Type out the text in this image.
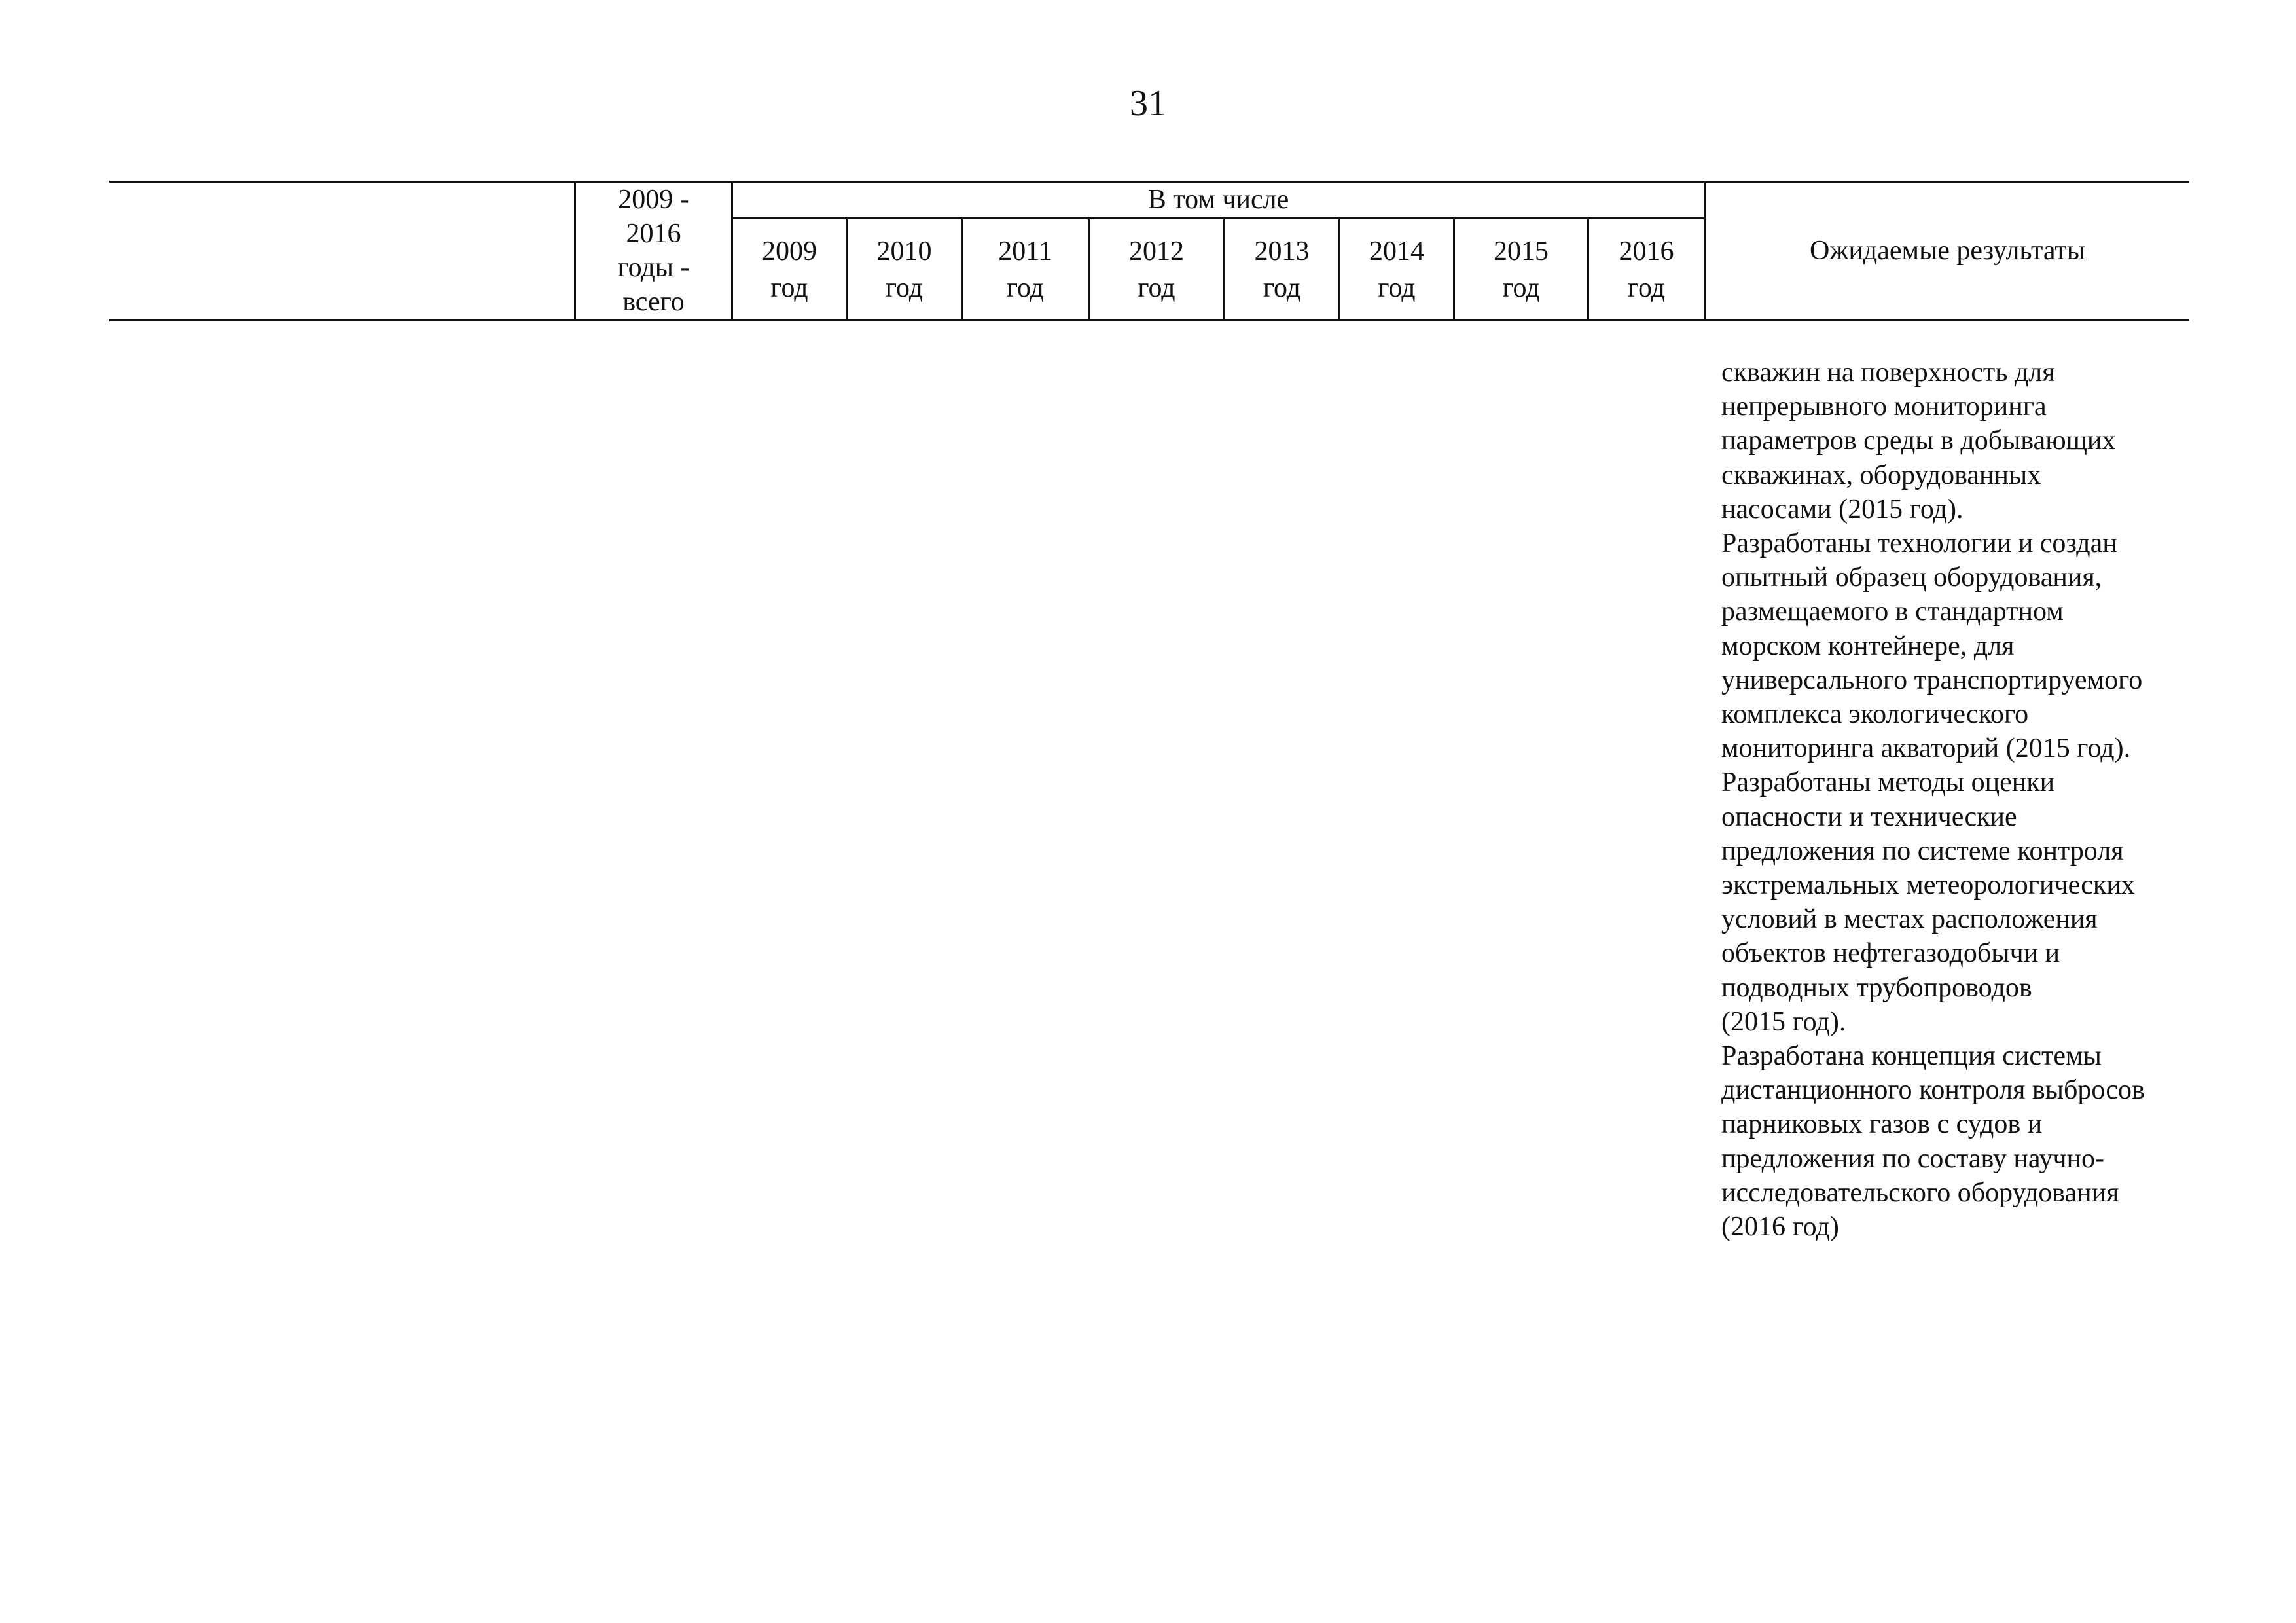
31
2009 -
2016
годы -
всего
В том числе
2009
год
2010
год
2011
год
2012
год
2013
год
2014
год
2015
год
2016
год
Ожидаемые результаты

скважин на поверхность для

непрерывного мониторинга

параметров среды в добывающих

скважинах, оборудованных

насосами (2015 год).

Разработаны технологии и создан

опытный образец оборудования,

размещаемого в стандартном

морском контейнере, для

универсального транспортируемого

комплекса экологического

мониторинга акваторий (2015 год).

Разработаны методы оценки

опасности и технические

предложения по системе контроля

экстремальных метеорологических

условий в местах расположения

объектов нефтегазодобычи и

подводных трубопроводов

(2015 год).

Разработана концепция системы

дистанционного контроля выбросов

парниковых газов с судов и

предложения по составу научно-

исследовательского оборудования

(2016 год)
